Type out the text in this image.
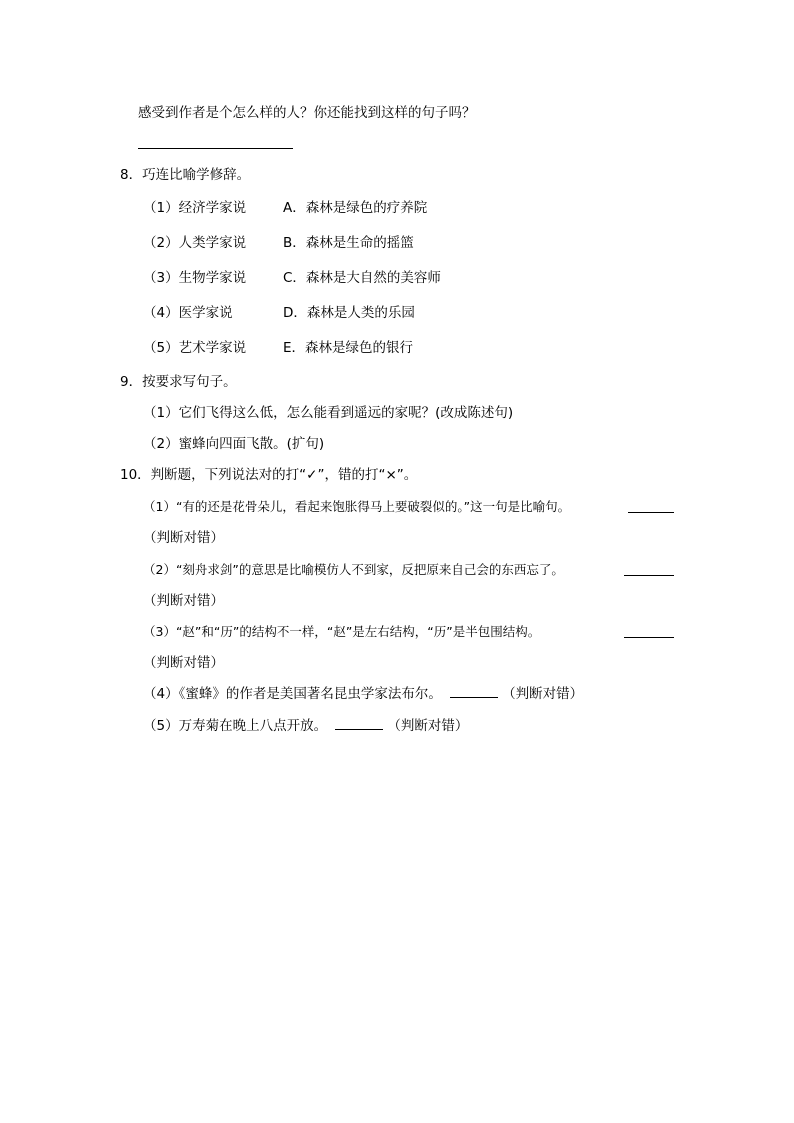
感受到作者是个怎么样的人？你还能找到这样的句子吗？
8．巧连比喻学修辞。
（1）经济学家说	A．森林是绿色的疗养院
（2）人类学家说	B．森林是生命的摇篮
（3）生物学家说	C．森林是大自然的美容师
（4）医学家说	D．森林是人类的乐园
（5）艺术学家说	E．森林是绿色的银行
9．按要求写句子。
（1）它们飞得这么低，怎么能看到遥远的家呢？(改成陈述句)
（2）蜜蜂向四面飞散。(扩句)
10．判断题，下列说法对的打“✓”，错的打“×”。
（1）“有的还是花骨朵儿，看起来饱胀得马上要破裂似的。”这一句是比喻句。
（判断对错）
（2）“刻舟求剑”的意思是比喻模仿人不到家，反把原来自己会的东西忘了。
（判断对错）
（3）“赵”和“历”的结构不一样，“赵”是左右结构，“历”是半包围结构。
（判断对错）
（4）《蜜蜂》的作者是美国著名昆虫学家法布尔。	（判断对错）
（5）万寿菊在晚上八点开放。	（判断对错）
